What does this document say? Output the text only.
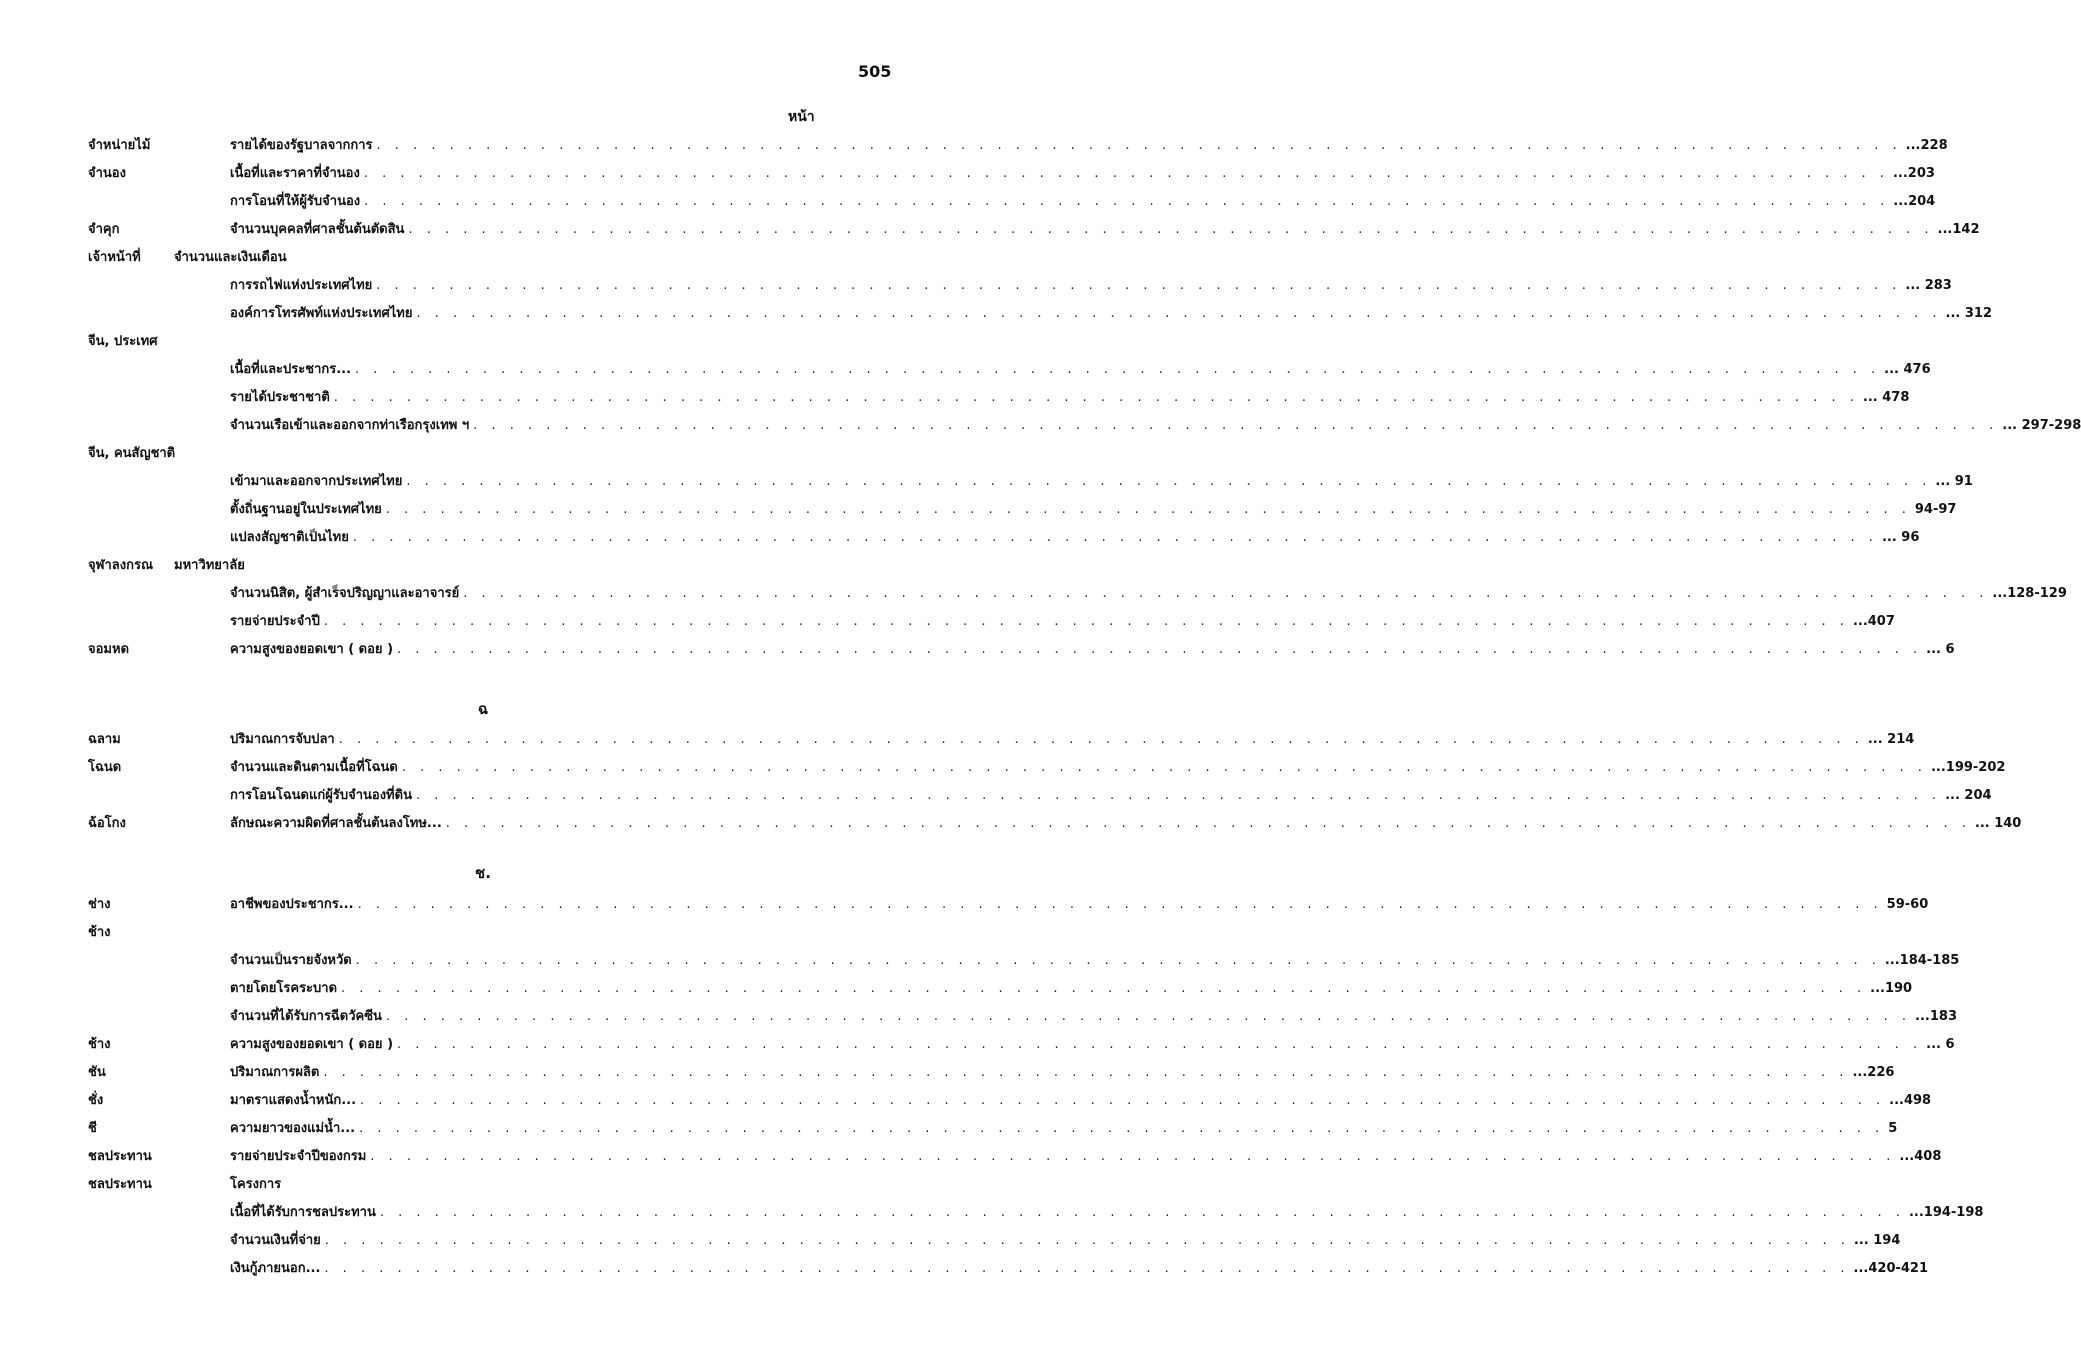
505
หน้า
จำหน่ายไม้	รายได้ของรัฐบาลจากการ . . . . . . . . . . . . . . . . . . . . . . . . . . . . . . . . . . . . . . . . . . . . . . . . . . . . . . . . . . . . . . . . . . . . . . . . . . . . . . . . . . . . ...228
จำนอง	เนื้อที่และราคาที่จำนอง . . . . . . . . . . . . . . . . . . . . . . . . . . . . . . . . . . . . . . . . . . . . . . . . . . . . . . . . . . . . . . . . . . . . . . . . . . . . . . . . . . . . ...203
การโอนที่ให้ผู้รับจำนอง . . . . . . . . . . . . . . . . . . . . . . . . . . . . . . . . . . . . . . . . . . . . . . . . . . . . . . . . . . . . . . . . . . . . . . . . . . . . . . . . . . . . ...204
จำคุก	จำนวนบุคคลที่ศาลชั้นต้นตัดสิน . . . . . . . . . . . . . . . . . . . . . . . . . . . . . . . . . . . . . . . . . . . . . . . . . . . . . . . . . . . . . . . . . . . . . . . . . . . . . . . . . . . . ...142
เจ้าหน้าที่	จำนวนและเงินเดือน
การรถไฟแห่งประเทศไทย . . . . . . . . . . . . . . . . . . . . . . . . . . . . . . . . . . . . . . . . . . . . . . . . . . . . . . . . . . . . . . . . . . . . . . . . . . . . . . . . . . . . ... 283
องค์การโทรศัพท์แห่งประเทศไทย . . . . . . . . . . . . . . . . . . . . . . . . . . . . . . . . . . . . . . . . . . . . . . . . . . . . . . . . . . . . . . . . . . . . . . . . . . . . . . . . . . . . ... 312
จีน, ประเทศ
เนื้อที่และประชากร... . . . . . . . . . . . . . . . . . . . . . . . . . . . . . . . . . . . . . . . . . . . . . . . . . . . . . . . . . . . . . . . . . . . . . . . . . . . . . . . . . . . . ... 476
รายได้ประชาชาติ . . . . . . . . . . . . . . . . . . . . . . . . . . . . . . . . . . . . . . . . . . . . . . . . . . . . . . . . . . . . . . . . . . . . . . . . . . . . . . . . . . . . ... 478
จำนวนเรือเข้าและออกจากท่าเรือกรุงเทพ ฯ . . . . . . . . . . . . . . . . . . . . . . . . . . . . . . . . . . . . . . . . . . . . . . . . . . . . . . . . . . . . . . . . . . . . . . . . . . . . . . . . . . . . ... 297-298
จีน, คนสัญชาติ
เข้ามาและออกจากประเทศไทย . . . . . . . . . . . . . . . . . . . . . . . . . . . . . . . . . . . . . . . . . . . . . . . . . . . . . . . . . . . . . . . . . . . . . . . . . . . . . . . . . . . . ... 91
ตั้งถิ่นฐานอยู่ในประเทศไทย . . . . . . . . . . . . . . . . . . . . . . . . . . . . . . . . . . . . . . . . . . . . . . . . . . . . . . . . . . . . . . . . . . . . . . . . . . . . . . . . . . . . 94-97
แปลงสัญชาติเป็นไทย . . . . . . . . . . . . . . . . . . . . . . . . . . . . . . . . . . . . . . . . . . . . . . . . . . . . . . . . . . . . . . . . . . . . . . . . . . . . . . . . . . . . ... 96
จุฬาลงกรณ มหาวิทยาลัย
จำนวนนิสิต, ผู้สำเร็จปริญญาและอาจารย์ . . . . . . . . . . . . . . . . . . . . . . . . . . . . . . . . . . . . . . . . . . . . . . . . . . . . . . . . . . . . . . . . . . . . . . . . . . . . . . . . . . . . ...128-129
รายจ่ายประจำปี . . . . . . . . . . . . . . . . . . . . . . . . . . . . . . . . . . . . . . . . . . . . . . . . . . . . . . . . . . . . . . . . . . . . . . . . . . . . . . . . . . . . ...407
จอมหด	ความสูงของยอดเขา ( ดอย ) . . . . . . . . . . . . . . . . . . . . . . . . . . . . . . . . . . . . . . . . . . . . . . . . . . . . . . . . . . . . . . . . . . . . . . . . . . . . . . . . . . . . ... 6
ฉ
ฉลาม	ปริมาณการจับปลา . . . . . . . . . . . . . . . . . . . . . . . . . . . . . . . . . . . . . . . . . . . . . . . . . . . . . . . . . . . . . . . . . . . . . . . . . . . . . . . . . . . . ... 214
โฉนด	จำนวนและดินตามเนื้อที่โฉนด . . . . . . . . . . . . . . . . . . . . . . . . . . . . . . . . . . . . . . . . . . . . . . . . . . . . . . . . . . . . . . . . . . . . . . . . . . . . . . . . . . . . ...199-202
การโอนโฉนดแก่ผู้รับจำนองที่ดิน . . . . . . . . . . . . . . . . . . . . . . . . . . . . . . . . . . . . . . . . . . . . . . . . . . . . . . . . . . . . . . . . . . . . . . . . . . . . . . . . . . . . ... 204
ฉ้อโกง	ลักษณะความผิดที่ศาลชั้นต้นลงโทษ... . . . . . . . . . . . . . . . . . . . . . . . . . . . . . . . . . . . . . . . . . . . . . . . . . . . . . . . . . . . . . . . . . . . . . . . . . . . . . . . . . . . . ... 140
ช.
ช่าง	อาชีพของประชากร... . . . . . . . . . . . . . . . . . . . . . . . . . . . . . . . . . . . . . . . . . . . . . . . . . . . . . . . . . . . . . . . . . . . . . . . . . . . . . . . . . . . . 59-60
ช้าง
จำนวนเป็นรายจังหวัด . . . . . . . . . . . . . . . . . . . . . . . . . . . . . . . . . . . . . . . . . . . . . . . . . . . . . . . . . . . . . . . . . . . . . . . . . . . . . . . . . . . . ...184-185
ตายโดยโรคระบาด . . . . . . . . . . . . . . . . . . . . . . . . . . . . . . . . . . . . . . . . . . . . . . . . . . . . . . . . . . . . . . . . . . . . . . . . . . . . . . . . . . . . ...190
จำนวนที่ได้รับการฉีดวัคซีน . . . . . . . . . . . . . . . . . . . . . . . . . . . . . . . . . . . . . . . . . . . . . . . . . . . . . . . . . . . . . . . . . . . . . . . . . . . . . . . . . . . . ...183
ช้าง	ความสูงของยอดเขา ( ดอย ) . . . . . . . . . . . . . . . . . . . . . . . . . . . . . . . . . . . . . . . . . . . . . . . . . . . . . . . . . . . . . . . . . . . . . . . . . . . . . . . . . . . . ... 6
ชัน	ปริมาณการผลิต . . . . . . . . . . . . . . . . . . . . . . . . . . . . . . . . . . . . . . . . . . . . . . . . . . . . . . . . . . . . . . . . . . . . . . . . . . . . . . . . . . . . ...226
ชั่ง	มาตราแสดงน้ำหนัก... . . . . . . . . . . . . . . . . . . . . . . . . . . . . . . . . . . . . . . . . . . . . . . . . . . . . . . . . . . . . . . . . . . . . . . . . . . . . . . . . . . . . ...498
ชี	ความยาวของแม่น้ำ... . . . . . . . . . . . . . . . . . . . . . . . . . . . . . . . . . . . . . . . . . . . . . . . . . . . . . . . . . . . . . . . . . . . . . . . . . . . . . . . . . . . . 5
ชลประทาน	รายจ่ายประจำปีของกรม . . . . . . . . . . . . . . . . . . . . . . . . . . . . . . . . . . . . . . . . . . . . . . . . . . . . . . . . . . . . . . . . . . . . . . . . . . . . . . . . . . . . ...408
ชลประทาน	โครงการ
เนื้อที่ได้รับการชลประทาน . . . . . . . . . . . . . . . . . . . . . . . . . . . . . . . . . . . . . . . . . . . . . . . . . . . . . . . . . . . . . . . . . . . . . . . . . . . . . . . . . . . . ...194-198
จำนวนเงินที่จ่าย . . . . . . . . . . . . . . . . . . . . . . . . . . . . . . . . . . . . . . . . . . . . . . . . . . . . . . . . . . . . . . . . . . . . . . . . . . . . . . . . . . . . ... 194
เงินกู้ภายนอก... . . . . . . . . . . . . . . . . . . . . . . . . . . . . . . . . . . . . . . . . . . . . . . . . . . . . . . . . . . . . . . . . . . . . . . . . . . . . . . . . . . . . ...420-421
